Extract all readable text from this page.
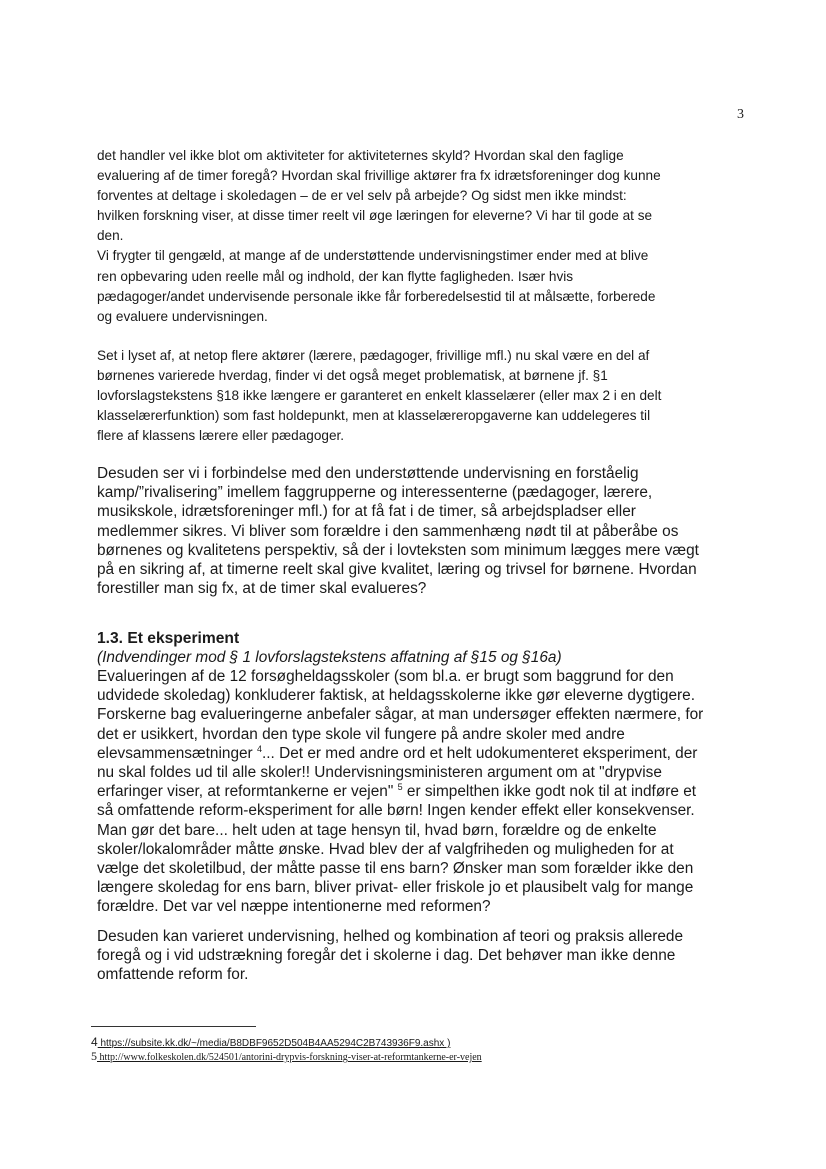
3

det handler vel ikke blot om aktiviteter for aktiviteternes skyld? Hvordan skal den faglige

evaluering af de timer foregå? Hvordan skal frivillige aktører fra fx idrætsforeninger dog kunne

forventes at deltage i skoledagen – de er vel selv på arbejde? Og sidst men ikke mindst:

hvilken forskning viser, at disse timer reelt vil øge læringen for eleverne? Vi har til gode at se

den.

Vi frygter til gengæld, at mange af de understøttende undervisningstimer ender med at blive

ren opbevaring uden reelle mål og indhold, der kan flytte fagligheden. Især hvis

pædagoger/andet undervisende personale ikke får forberedelsestid til at målsætte, forberede

og evaluere undervisningen.

Set i lyset af, at netop flere aktører (lærere, pædagoger, frivillige mfl.) nu skal være en del af

børnenes varierede hverdag, finder vi det også meget problematisk, at børnene jf. §1

lovforslagstekstens §18 ikke længere er garanteret en enkelt klasselærer (eller max 2 i en delt

klasselærerfunktion) som fast holdepunkt, men at klasselæreropgaverne kan uddelegeres til

flere af klassens lærere eller pædagoger.

Desuden ser vi i forbindelse med den understøttende undervisning en forståelig

kamp/”rivalisering” imellem faggrupperne og interessenterne (pædagoger, lærere,

musikskole, idrætsforeninger mfl.) for at få fat i de timer, så arbejdspladser eller

medlemmer sikres. Vi bliver som forældre i den sammenhæng nødt til at påberåbe os

børnenes og kvalitetens perspektiv, så der i lovteksten som minimum lægges mere vægt

på en sikring af, at timerne reelt skal give kvalitet, læring og trivsel for børnene. Hvordan

forestiller man sig fx, at de timer skal evalueres?

1.3. Et eksperiment
(Indvendinger mod § 1 lovforslagstekstens affatning af §15 og §16a)

Evalueringen af de 12 forsøgheldagsskoler (som bl.a. er brugt som baggrund for den

udvidede skoledag) konkluderer faktisk, at heldagsskolerne ikke gør eleverne dygtigere.

Forskerne bag evalueringerne anbefaler sågar, at man undersøger effekten nærmere, for

det er usikkert, hvordan den type skole vil fungere på andre skoler med andre

elevsammensætninger $^4$... Det er med andre ord et helt udokumenteret eksperiment, der

nu skal foldes ud til alle skoler!! Undervisningsministeren argument om at "drypvise

erfaringer viser, at reformtankerne er vejen" $^5$ er simpelthen ikke godt nok til at indføre et

så omfattende reform-eksperiment for alle børn! Ingen kender effekt eller konsekvenser.

Man gør det bare... helt uden at tage hensyn til, hvad børn, forældre og de enkelte

skoler/lokalområder måtte ønske. Hvad blev der af valgfriheden og muligheden for at

vælge det skoletilbud, der måtte passe til ens barn? Ønsker man som forælder ikke den

længere skoledag for ens barn, bliver privat- eller friskole jo et plausibelt valg for mange

forældre. Det var vel næppe intentionerne med reformen?

Desuden kan varieret undervisning, helhed og kombination af teori og praksis allerede

foregå og i vid udstrækning foregår det i skolerne i dag. Det behøver man ikke denne

omfattende reform for.

4 https://subsite.kk.dk/~/media/B8DBF9652D504B4AA5294C2B743936F9.ashx )
5 http://www.folkeskolen.dk/524501/antorini-drypvis-forskning-viser-at-reformtankerne-er-vejen
